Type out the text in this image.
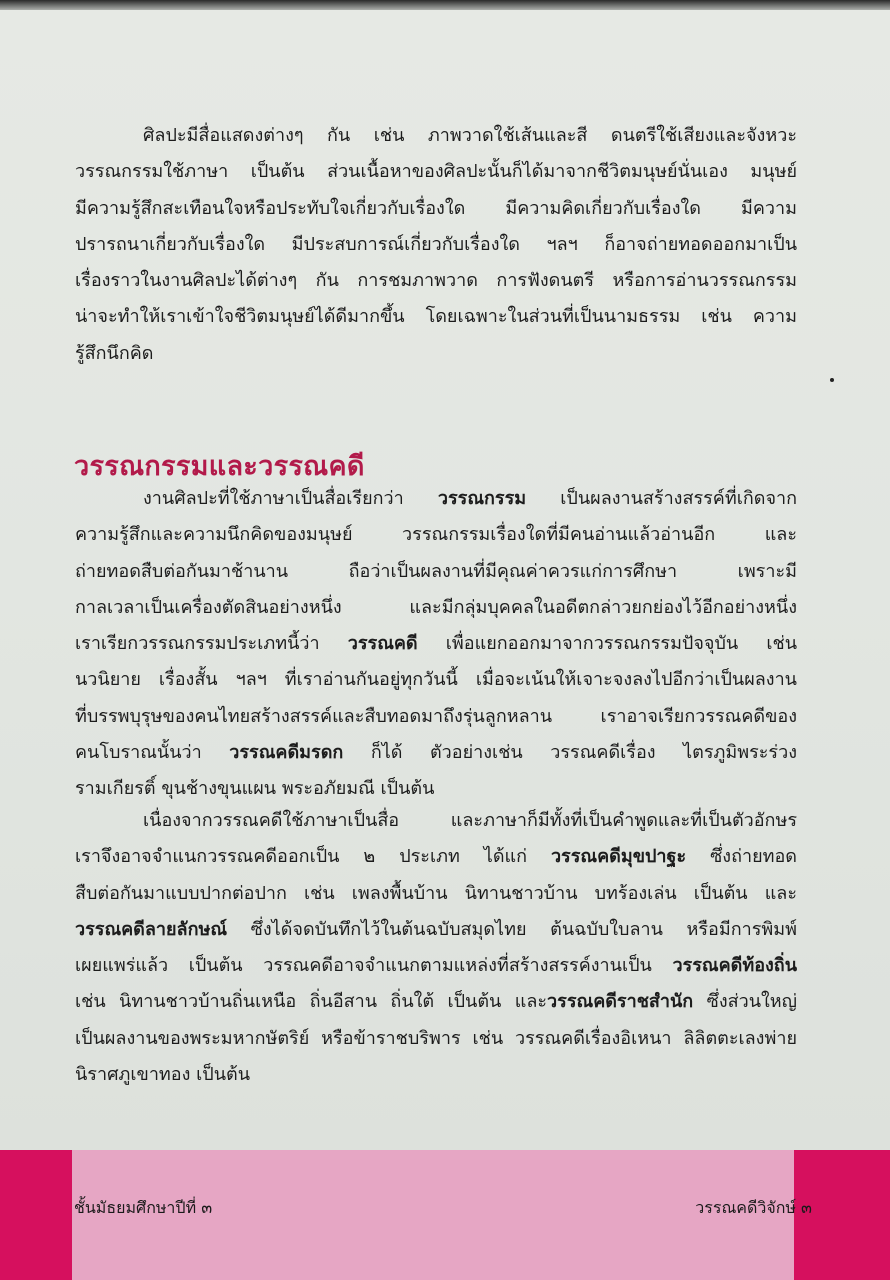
ศิลปะมีสื่อแสดงต่างๆ กัน เช่น ภาพวาดใช้เส้นและสี ดนตรีใช้เสียงและจังหวะ

วรรณกรรมใช้ภาษา เป็นต้น ส่วนเนื้อหาของศิลปะนั้นก็ได้มาจากชีวิตมนุษย์นั่นเอง มนุษย์

มีความรู้สึกสะเทือนใจหรือประทับใจเกี่ยวกับเรื่องใด มีความคิดเกี่ยวกับเรื่องใด มีความ

ปรารถนาเกี่ยวกับเรื่องใด มีประสบการณ์เกี่ยวกับเรื่องใด ฯลฯ ก็อาจถ่ายทอดออกมาเป็น

เรื่องราวในงานศิลปะได้ต่างๆ กัน การชมภาพวาด การฟังดนตรี หรือการอ่านวรรณกรรม

น่าจะทำให้เราเข้าใจชีวิตมนุษย์ได้ดีมากขึ้น โดยเฉพาะในส่วนที่เป็นนามธรรม เช่น ความ

รู้สึกนึกคิด

วรรณกรรมและวรรณคดี

งานศิลปะที่ใช้ภาษาเป็นสื่อเรียกว่า วรรณกรรม เป็นผลงานสร้างสรรค์ที่เกิดจาก

ความรู้สึกและความนึกคิดของมนุษย์ วรรณกรรมเรื่องใดที่มีคนอ่านแล้วอ่านอีก และ

ถ่ายทอดสืบต่อกันมาช้านาน ถือว่าเป็นผลงานที่มีคุณค่าควรแก่การศึกษา เพราะมี

กาลเวลาเป็นเครื่องตัดสินอย่างหนึ่ง และมีกลุ่มบุคคลในอดีตกล่าวยกย่องไว้อีกอย่างหนึ่ง

เราเรียกวรรณกรรมประเภทนี้ว่า วรรณคดี เพื่อแยกออกมาจากวรรณกรรมปัจจุบัน เช่น

นวนิยาย เรื่องสั้น ฯลฯ ที่เราอ่านกันอยู่ทุกวันนี้ เมื่อจะเน้นให้เจาะจงลงไปอีกว่าเป็นผลงาน

ที่บรรพบุรุษของคนไทยสร้างสรรค์และสืบทอดมาถึงรุ่นลูกหลาน เราอาจเรียกวรรณคดีของ

คนโบราณนั้นว่า วรรณคดีมรดก ก็ได้ ตัวอย่างเช่น วรรณคดีเรื่อง ไตรภูมิพระร่วง

รามเกียรติ์ ขุนช้างขุนแผน พระอภัยมณี เป็นต้น

เนื่องจากวรรณคดีใช้ภาษาเป็นสื่อ และภาษาก็มีทั้งที่เป็นคำพูดและที่เป็นตัวอักษร

เราจึงอาจจำแนกวรรณคดีออกเป็น ๒ ประเภท ได้แก่ วรรณคดีมุขปาฐะ ซึ่งถ่ายทอด

สืบต่อกันมาแบบปากต่อปาก เช่น เพลงพื้นบ้าน นิทานชาวบ้าน บทร้องเล่น เป็นต้น และ

วรรณคดีลายลักษณ์ ซึ่งได้จดบันทึกไว้ในต้นฉบับสมุดไทย ต้นฉบับใบลาน หรือมีการพิมพ์

เผยแพร่แล้ว เป็นต้น วรรณคดีอาจจำแนกตามแหล่งที่สร้างสรรค์งานเป็น วรรณคดีท้องถิ่น

เช่น นิทานชาวบ้านถิ่นเหนือ ถิ่นอีสาน ถิ่นใต้ เป็นต้น และวรรณคดีราชสำนัก ซึ่งส่วนใหญ่

เป็นผลงานของพระมหากษัตริย์ หรือข้าราชบริพาร เช่น วรรณคดีเรื่องอิเหนา ลิลิตตะเลงพ่าย

นิราศภูเขาทอง เป็นต้น

ชั้นมัธยมศึกษาปีที่ ๓	วรรณคดีวิจักษ์ ๓
